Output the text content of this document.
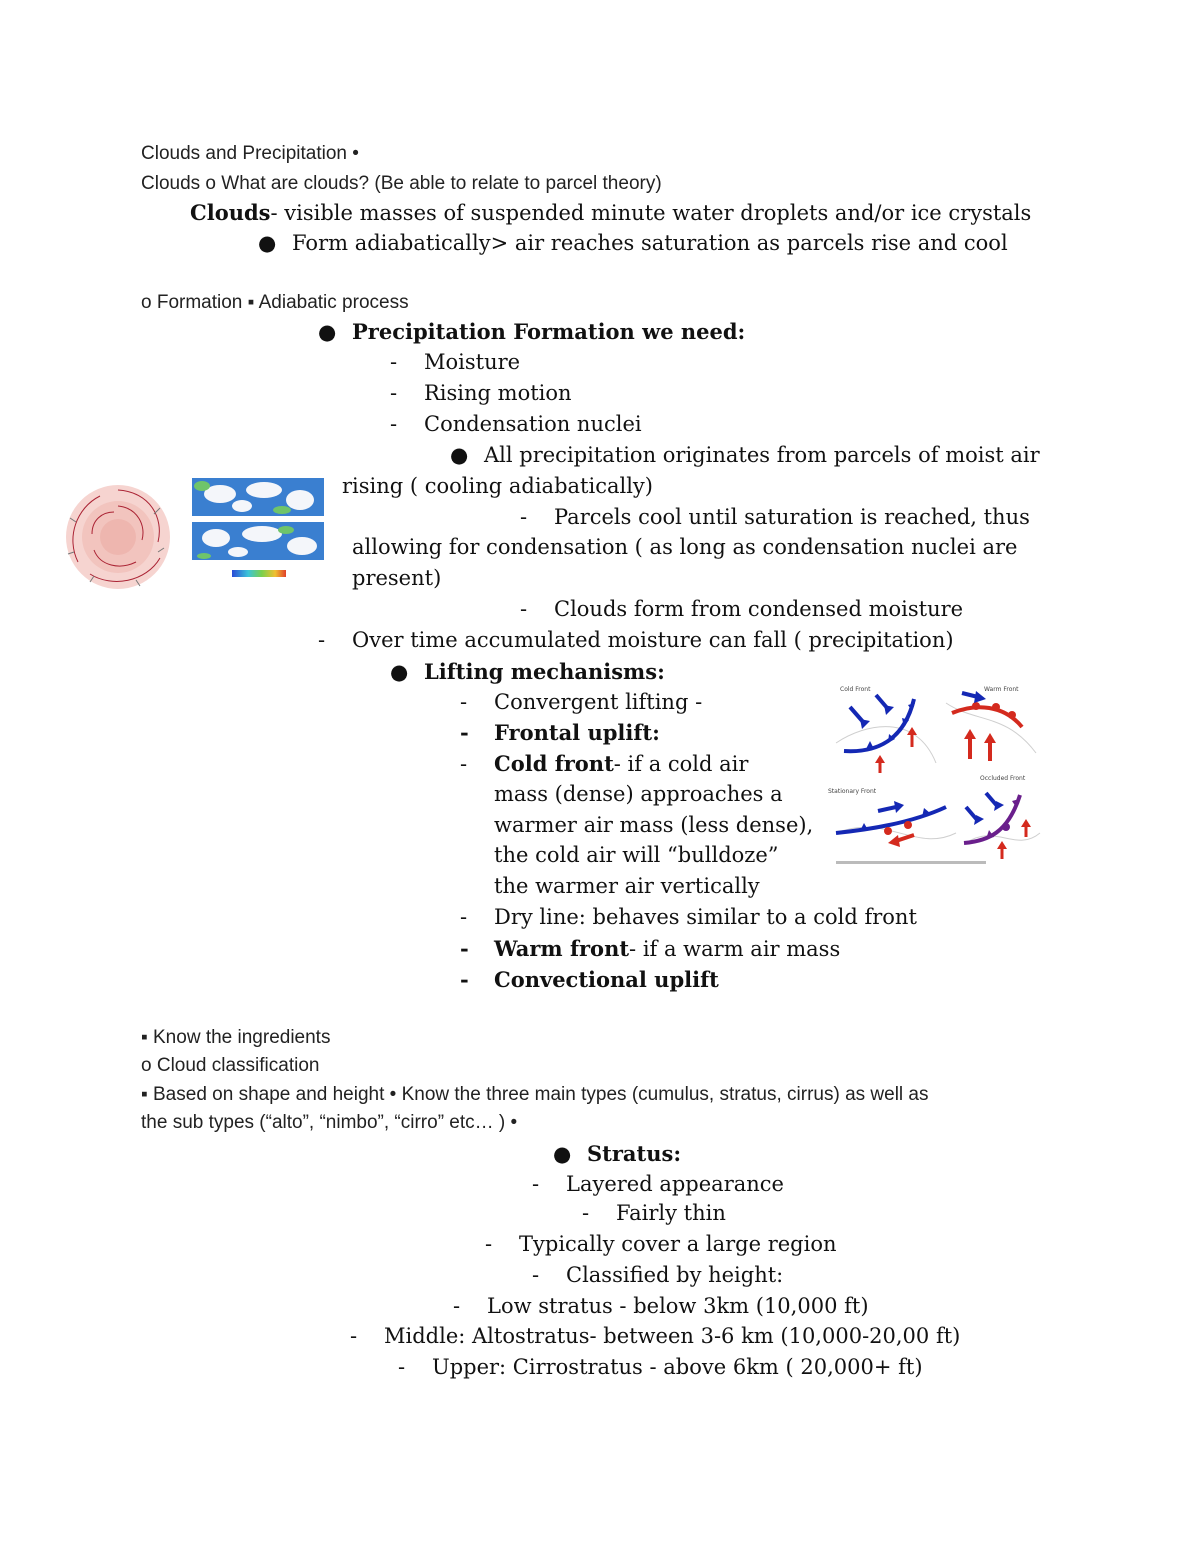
Clouds and Precipitation •
Clouds o What are clouds? (Be able to relate to parcel theory)
Clouds- visible masses of suspended minute water droplets and/or ice crystals
● Form adiabatically> air reaches saturation as parcels rise and cool
o Formation ▪ Adiabatic process
● Precipitation Formation we need:
- Moisture
- Rising motion
- Condensation nuclei
● All precipitation originates from parcels of moist air
rising ( cooling adiabatically)
- Parcels cool until saturation is reached, thus
allowing for condensation ( as long as condensation nuclei are
present)
- Clouds form from condensed moisture
- Over time accumulated moisture can fall ( precipitation)
● Lifting mechanisms:
- Convergent lifting -
- Frontal uplift:
- Cold front- if a cold air
mass (dense) approaches a
warmer air mass (less dense),
the cold air will “bulldoze”
the warmer air vertically
- Dry line: behaves similar to a cold front
- Warm front- if a warm air mass
- Convectional uplift
▪ Know the ingredients
o Cloud classification
▪ Based on shape and height • Know the three main types (cumulus, stratus, cirrus) as well as
the sub types (“alto”, “nimbo”, “cirro” etc… ) •
● Stratus:
- Layered appearance
- Fairly thin
- Typically cover a large region
- Classified by height:
- Low stratus - below 3km (10,000 ft)
- Middle: Altostratus- between 3-6 km (10,000-20,00 ft)
- Upper: Cirrostratus - above 6km ( 20,000+ ft)
Cold Front	Warm Front
Stationary Front
Occluded Front
